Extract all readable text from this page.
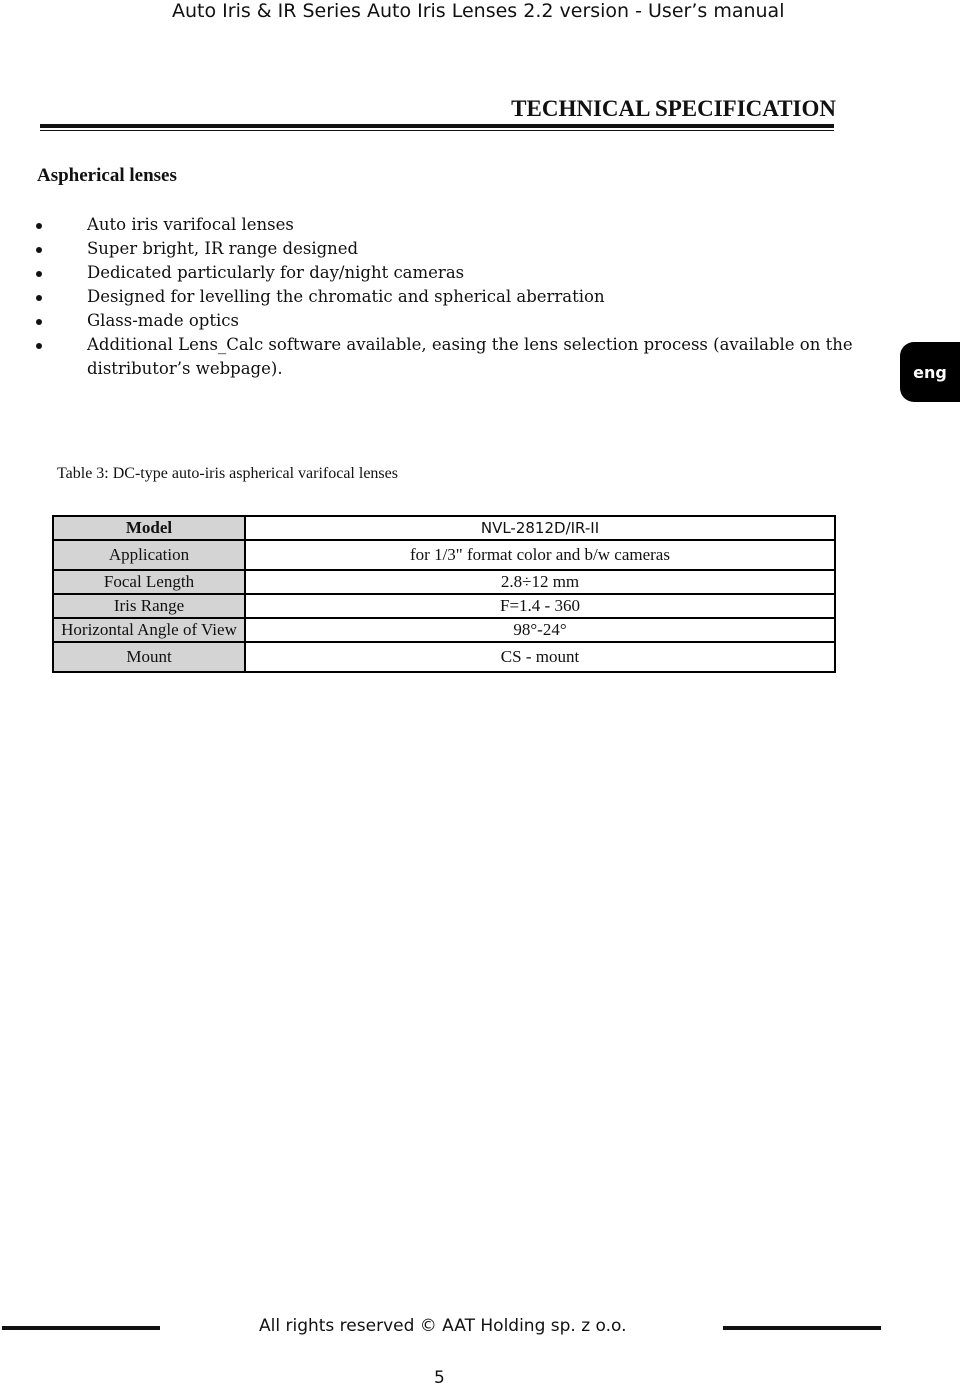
Auto Iris & IR Series Auto Iris Lenses 2.2 version - User’s manual
TECHNICAL SPECIFICATION
Aspherical lenses
Auto iris varifocal lenses
Super bright, IR range designed
Dedicated particularly for day/night cameras
Designed for levelling the chromatic and spherical aberration
Glass-made optics
Additional Lens_Calc software available, easing the lens selection process (available on the distributor’s webpage).	eng
Table 3: DC-type auto-iris aspherical varifocal lenses
Model	NVL-2812D/IR-II
Application	for 1/3" format color and b/w cameras
Focal Length	2.8÷12 mm
Iris Range	F=1.4 - 360
Horizontal Angle of View	98°-24°
Mount	CS - mount
All rights reserved © AAT Holding sp. z o.o.
5
